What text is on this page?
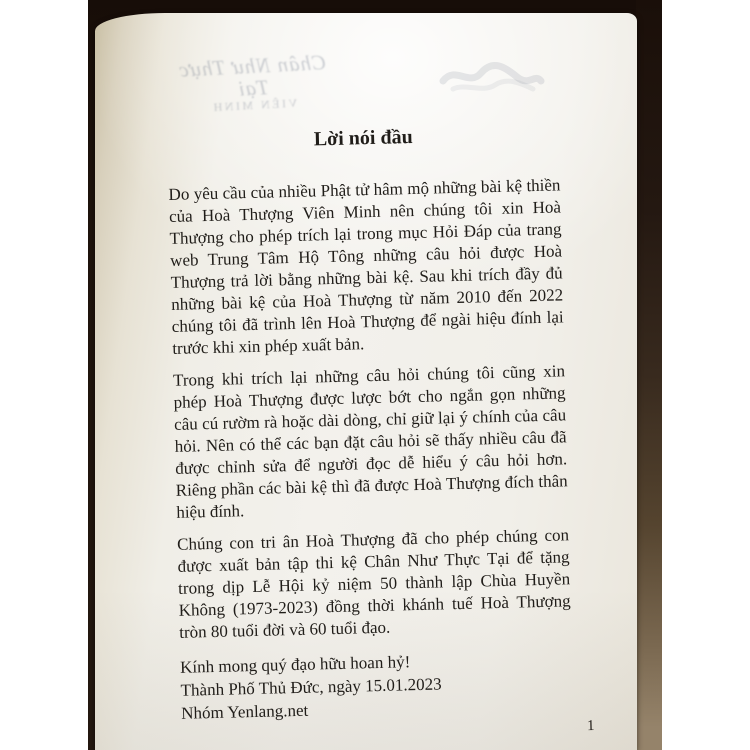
Chân Như Thực Tại
VIÊN MINH
Lời nói đầu

Do yêu cầu của nhiều Phật tử hâm mộ những bài kệ thiền của Hoà Thượng Viên Minh nên chúng tôi xin Hoà Thượng cho phép trích lại trong mục Hỏi Đáp của trang web Trung Tâm Hộ Tông những câu hỏi được Hoà Thượng trả lời bằng những bài kệ. Sau khi trích đầy đủ những bài kệ của Hoà Thượng từ năm 2010 đến 2022 chúng tôi đã trình lên Hoà Thượng để ngài hiệu đính lại trước khi xin phép xuất bản.

Trong khi trích lại những câu hỏi chúng tôi cũng xin phép Hoà Thượng được lược bớt cho ngắn gọn những câu cú rườm rà hoặc dài dòng, chỉ giữ lại ý chính của câu hỏi. Nên có thể các bạn đặt câu hỏi sẽ thấy nhiều câu đã được chỉnh sửa để người đọc dễ hiểu ý câu hỏi hơn. Riêng phần các bài kệ thì đã được Hoà Thượng đích thân hiệu đính.

Chúng con tri ân Hoà Thượng đã cho phép chúng con được xuất bản tập thi kệ Chân Như Thực Tại để tặng trong dịp Lễ Hội kỷ niệm 50 thành lập Chùa Huyền Không (1973-2023) đồng thời khánh tuế Hoà Thượng tròn 80 tuổi đời và 60 tuổi đạo.

Kính mong quý đạo hữu hoan hỷ!
Thành Phố Thủ Đức, ngày 15.01.2023
Nhóm Yenlang.net
1
